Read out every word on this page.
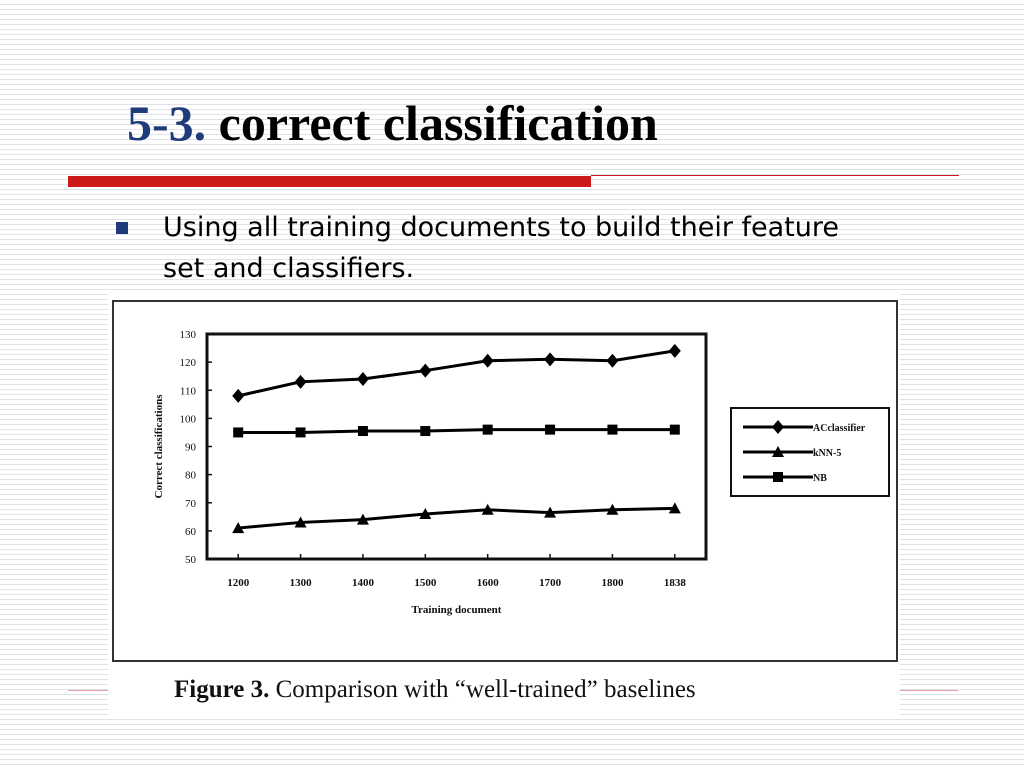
5-3. correct classification

Using all training documents to build their feature set and classifiers.

50
60
70
80
90
100
110
120
130
1200	1300	1400	1500	1600	1700	1800	1838
Training document
Correct classifications	ACclassifier
kNN-5
NB

Figure 3. Comparison with “well-trained” baselines
